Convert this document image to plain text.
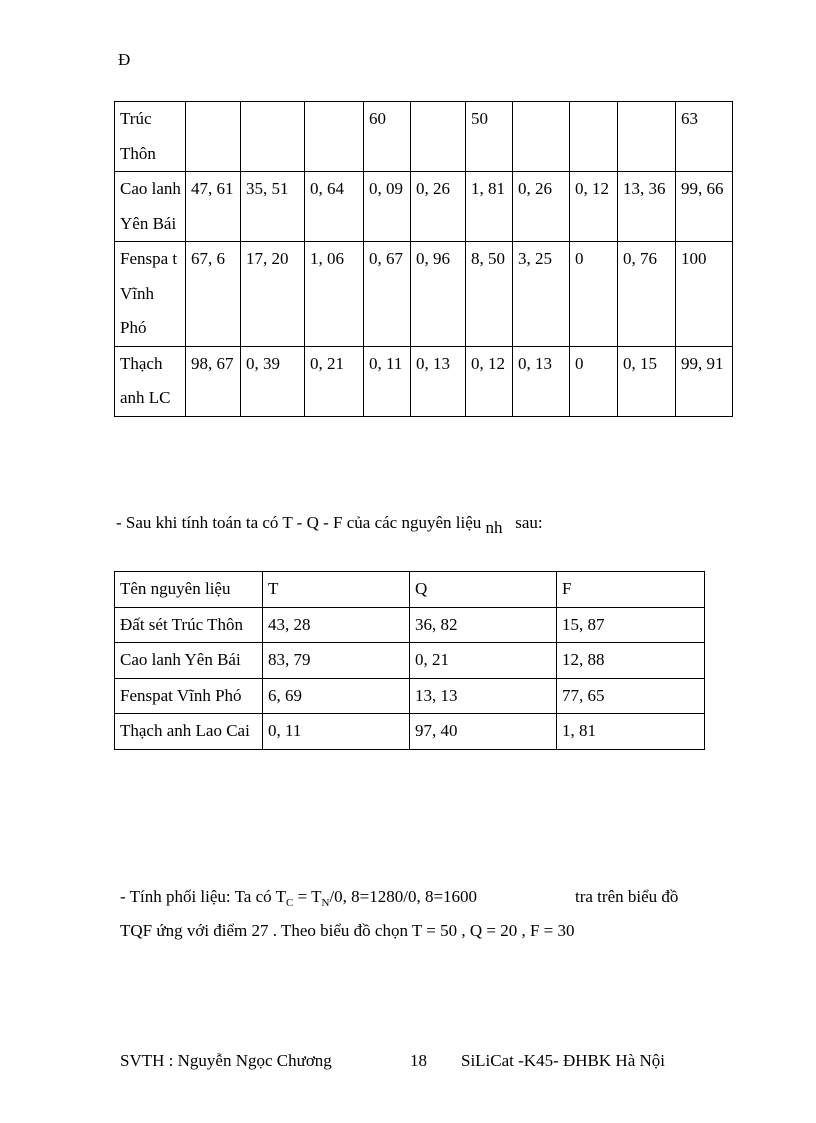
Đ
Trúc Thôn				60		50				63
Cao lanh Yên Bái	47, 61	35, 51	0, 64	0, 09	0, 26	1, 81	0, 26	0, 12	13, 36	99, 66
Fenspa t Vĩnh Phó	67, 6	17, 20	1, 06	0, 67	0, 96	8, 50	3, 25	0	0, 76	100
Thạch anh LC	98, 67	0, 39	0, 21	0, 11	0, 13	0, 12	0, 13	0	0, 15	99, 91
- Sau khi tính toán ta có T - Q - F của các nguyên liệu nh sau:
Tên nguyên liệu	T	Q	F
Đất sét Trúc Thôn	43, 28	36, 82	15, 87
Cao lanh Yên Bái	83, 79	0, 21	12, 88
Fenspat Vĩnh Phó	6, 69	13, 13	77, 65
Thạch anh Lao Cai	0, 11	97, 40	1, 81
- Tính phối liệu: Ta có $T_C = T_N/0$, 8=1280/0, 8=1600	tra trên biểu đồ
TQF ứng với điểm 27 . Theo biểu đồ chọn T = 50 , Q = 20 , F = 30
SVTH : Nguyễn Ngọc Chương	18 SiLiCat -K45- ĐHBK Hà Nội
